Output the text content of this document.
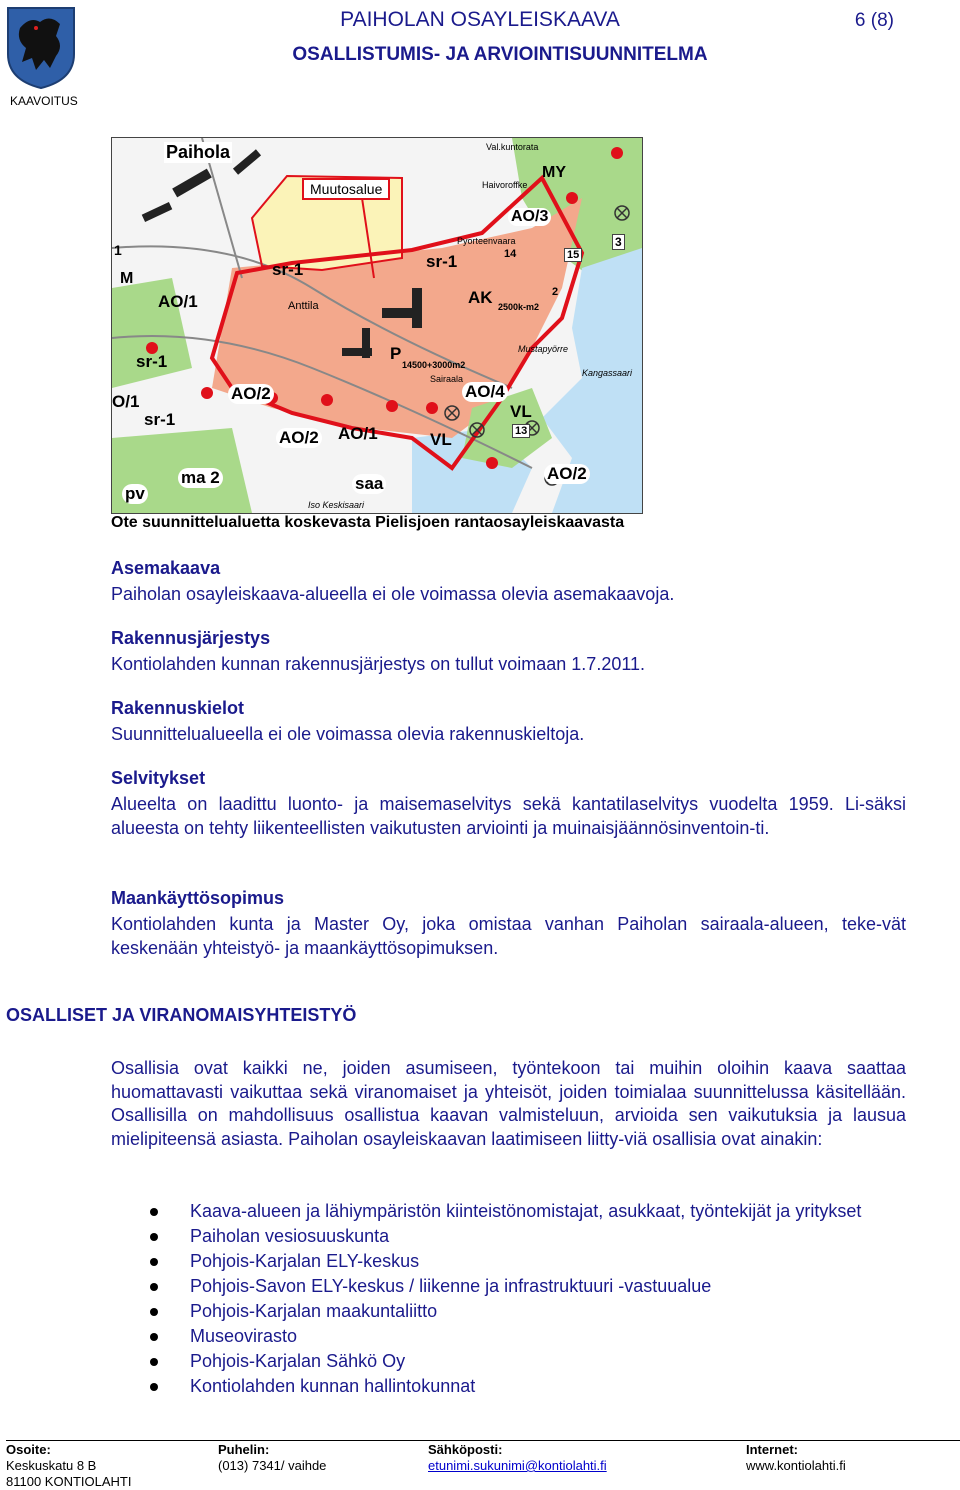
KAAVOITUS
PAIHOLAN OSAYLEISKAAVA
OSALLISTUMIS- JA ARVIOINTISUUNNITELMA
6 (8)
Paihola
Muutosalue
Val.kuntorata
Haivoroffke
Pyorteenvaara
MY
AO/3
3
15
14
2
1
M
AO/1
sr-1	sr-1
sr-1
sr-1
Anttila	AK 2500k-m2
P
14500+3000m2
Sairaala
Mustapyörre
Kangassaari
AO/4
VL
VL	13
AO/2
AO/2
AO/2
AO/1
O/1
ma 2
pv
saa
Iso Keskisaari
Ote suunnittelualuetta koskevasta Pielisjoen rantaosayleiskaavasta
Asemakaava
Paiholan osayleiskaava-alueella ei ole voimassa olevia asemakaavoja.
Rakennusjärjestys
Kontiolahden kunnan rakennusjärjestys on tullut voimaan 1.7.2011.
Rakennuskielot
Suunnittelualueella ei ole voimassa olevia rakennuskieltoja.
Selvitykset
Alueelta on laadittu luonto- ja maisemaselvitys sekä kantatilaselvitys vuodelta 1959. Li-säksi alueesta on tehty liikenteellisten vaikutusten arviointi ja muinaisjäännösinventoin-ti.
Maankäyttösopimus
Kontiolahden kunta ja Master Oy, joka omistaa vanhan Paiholan sairaala-alueen, teke-vät keskenään yhteistyö- ja maankäyttösopimuksen.
OSALLISET JA VIRANOMAISYHTEISTYÖ
Osallisia ovat kaikki ne, joiden asumiseen, työntekoon tai muihin oloihin kaava saattaa huomattavasti vaikuttaa sekä viranomaiset ja yhteisöt, joiden toimialaa suunnittelussa käsitellään. Osallisilla on mahdollisuus osallistua kaavan valmisteluun, arvioida sen vaikutuksia ja lausua mielipiteensä asiasta. Paiholan osayleiskaavan laatimiseen liitty-viä osallisia ovat ainakin:
Kaava-alueen ja lähiympäristön kiinteistönomistajat, asukkaat, työntekijät ja yritykset
Paiholan vesiosuuskunta
Pohjois-Karjalan ELY-keskus
Pohjois-Savon ELY-keskus / liikenne ja infrastruktuuri -vastuualue
Pohjois-Karjalan maakuntaliitto
Museovirasto
Pohjois-Karjalan Sähkö Oy
Kontiolahden kunnan hallintokunnat
Osoite:
Keskuskatu 8 B
81100 KONTIOLAHTI
Puhelin:
(013) 7341/ vaihde
Sähköposti:
etunimi.sukunimi@kontiolahti.fi
Internet:
www.kontiolahti.fi
